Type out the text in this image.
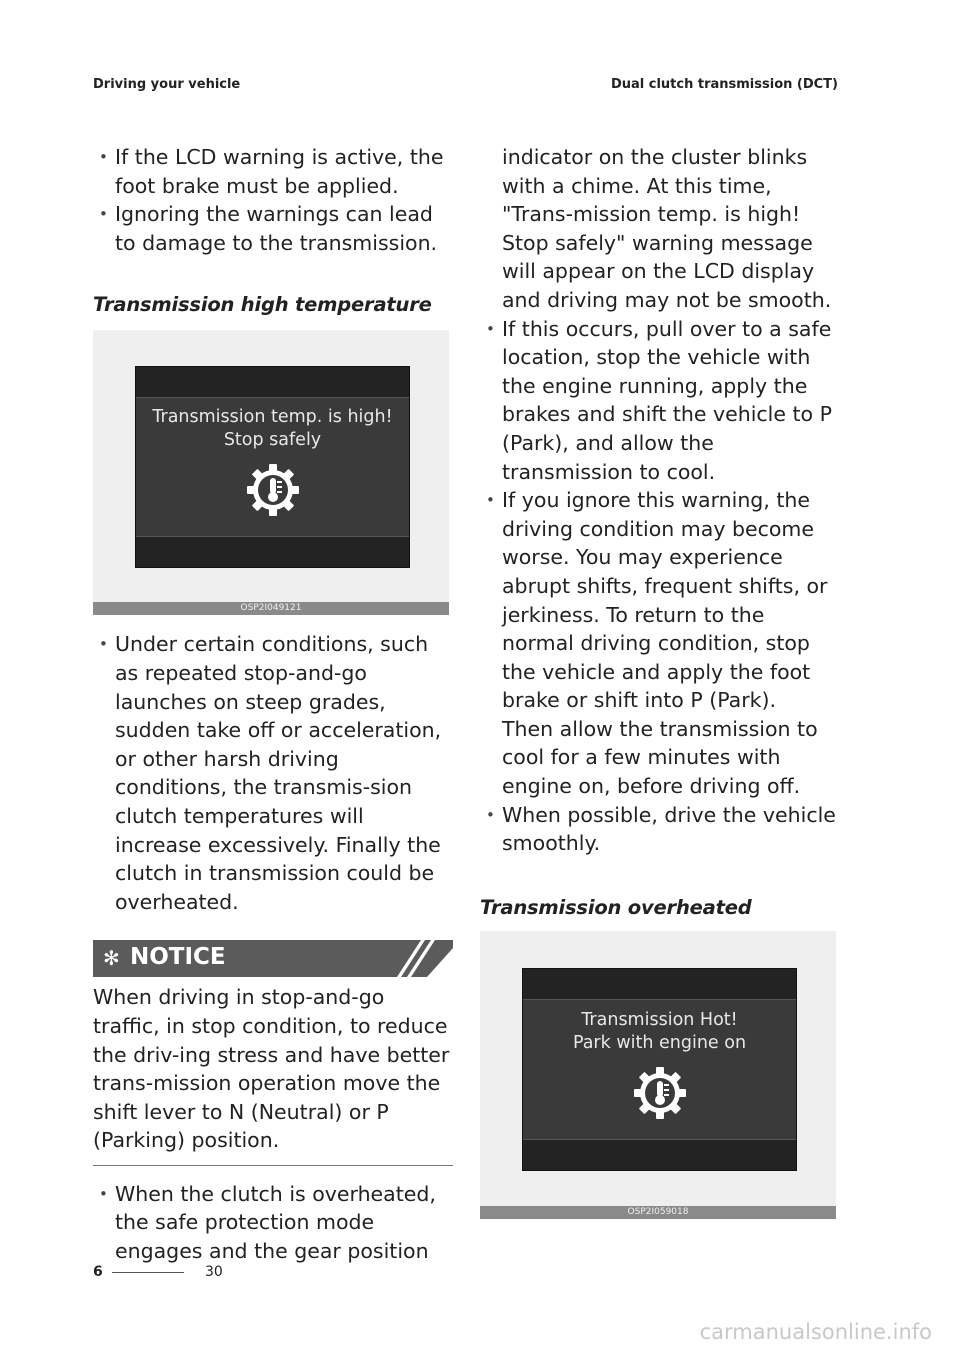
Driving your vehicle	Dual clutch transmission (DCT)
• If the LCD warning is active, the foot brake must be applied.
• Ignoring the warnings can lead to damage to the transmission.
Transmission high temperature
Transmission temp. is high!
Stop safely
OSP2I049121
• Under certain conditions, such as repeated stop-and-go launches on steep grades, sudden take off or acceleration, or other harsh driving conditions, the transmis-sion clutch temperatures will increase excessively. Finally the clutch in transmission could be overheated.
✻ NOTICE
When driving in stop-and-go traffic, in stop condition, to reduce the driv-ing stress and have better trans-mission operation move the shift lever to N (Neutral) or P (Parking) position.
• When the clutch is overheated, the safe protection mode engages and the gear position
indicator on the cluster blinks with a chime. At this time, "Trans-mission temp. is high! Stop safely" warning message will appear on the LCD display and driving may not be smooth.
• If this occurs, pull over to a safe location, stop the vehicle with the engine running, apply the brakes and shift the vehicle to P (Park), and allow the transmission to cool.
• If you ignore this warning, the driving condition may become worse. You may experience abrupt shifts, frequent shifts, or jerkiness. To return to the normal driving condition, stop the vehicle and apply the foot brake or shift into P (Park).
Then allow the transmission to cool for a few minutes with engine on, before driving off.
• When possible, drive the vehicle smoothly.
Transmission overheated
Transmission Hot!
Park with engine on
OSP2I059018
6	30
carmanualsonline.info
